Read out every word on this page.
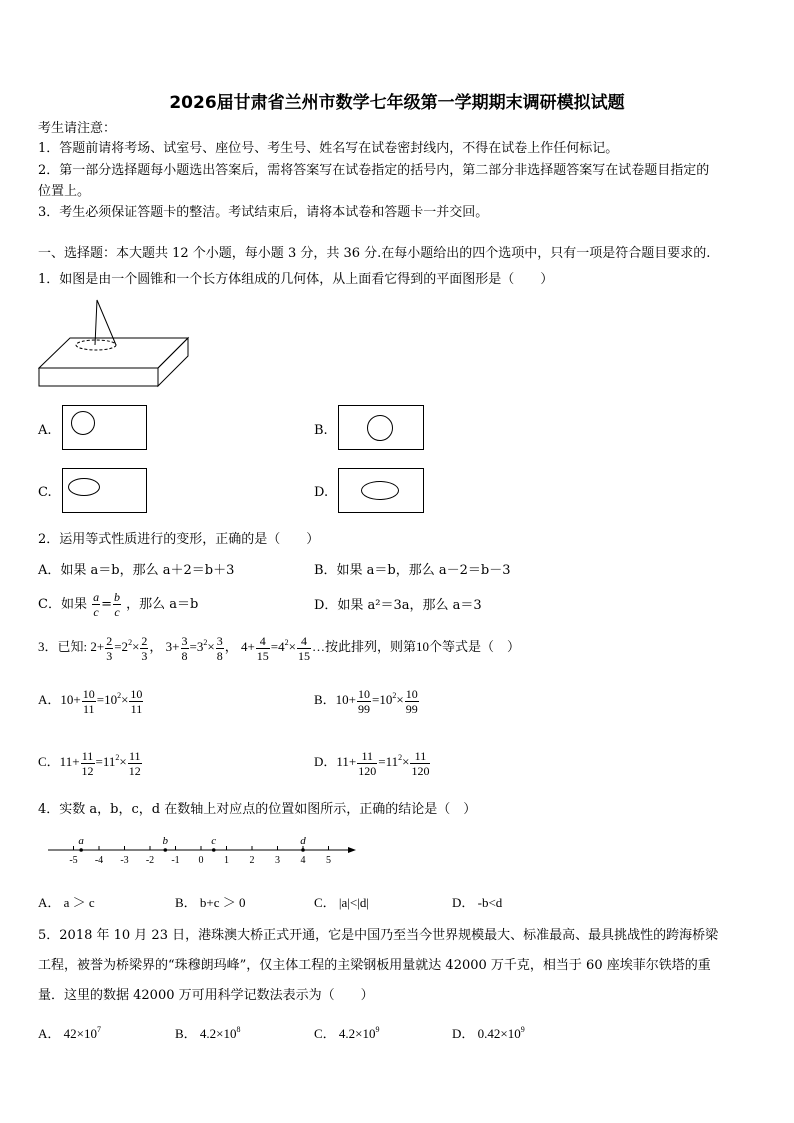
2026届甘肃省兰州市数学七年级第一学期期末调研模拟试题
考生请注意：
1．答题前请将考场、试室号、座位号、考生号、姓名写在试卷密封线内，不得在试卷上作任何标记。
2．第一部分选择题每小题选出答案后，需将答案写在试卷指定的括号内，第二部分非选择题答案写在试卷题目指定的
位置上。
3．考生必须保证答题卡的整洁。考试结束后，请将本试卷和答题卡一并交回。
一、选择题：本大题共 12 个小题，每小题 3 分，共 36 分.在每小题给出的四个选项中，只有一项是符合题目要求的.
1．如图是由一个圆锥和一个长方体组成的几何体，从上面看它得到的平面图形是（　　）
A.	B.
C.	D.
2．运用等式性质进行的变形，正确的是（　　）
A．如果 a＝b，那么 a＋2＝b＋3	B．如果 a＝b，那么 a－2＝b－3
C．如果 $\frac{a}{c} = \frac{b}{c}$ ，那么 a＝b	D．如果 a²＝3a，那么 a＝3
3．已知: $2+ \frac{2}{3} =2^2\times \frac{2}{3}$ ， $3+ \frac{3}{8} =3^2\times \frac{3}{8}$ ， $4+ \frac{4}{15} =4^2\times \frac{4}{15}$ …按此排列，则第10个等式是（　）
A．$10+ \frac{10}{11} =10^2\times \frac{10}{11}$	B．$10+ \frac{10}{99} =10^2\times \frac{10}{99}$
C．$11+ \frac{11}{12} =11^2\times \frac{11}{12}$	D．$11+ \frac{11}{120} =11^2\times \frac{11}{120}$
4．实数 a，b，c，d 在数轴上对应点的位置如图所示，正确的结论是（　）
-5 -4 -3 -2 -1 0 1 2 3 4 5
a	b	c	d
A． a ＞ c	B． b+c ＞ 0	C． |a|<|d|	D． -b<d
5．2018 年 10 月 23 日，港珠澳大桥正式开通，它是中国乃至当今世界规模最大、标准最高、最具挑战性的跨海桥梁
工程，被誉为桥梁界的“珠穆朗玛峰”，仅主体工程的主梁钢板用量就达 42000 万千克，相当于 60 座埃菲尔铁塔的重
量．这里的数据 42000 万可用科学记数法表示为（　　）
A． $42\times 10^7$	B． $4.2\times 10^8$	C． $4.2\times 10^9$	D． $0.42\times 10^9$
